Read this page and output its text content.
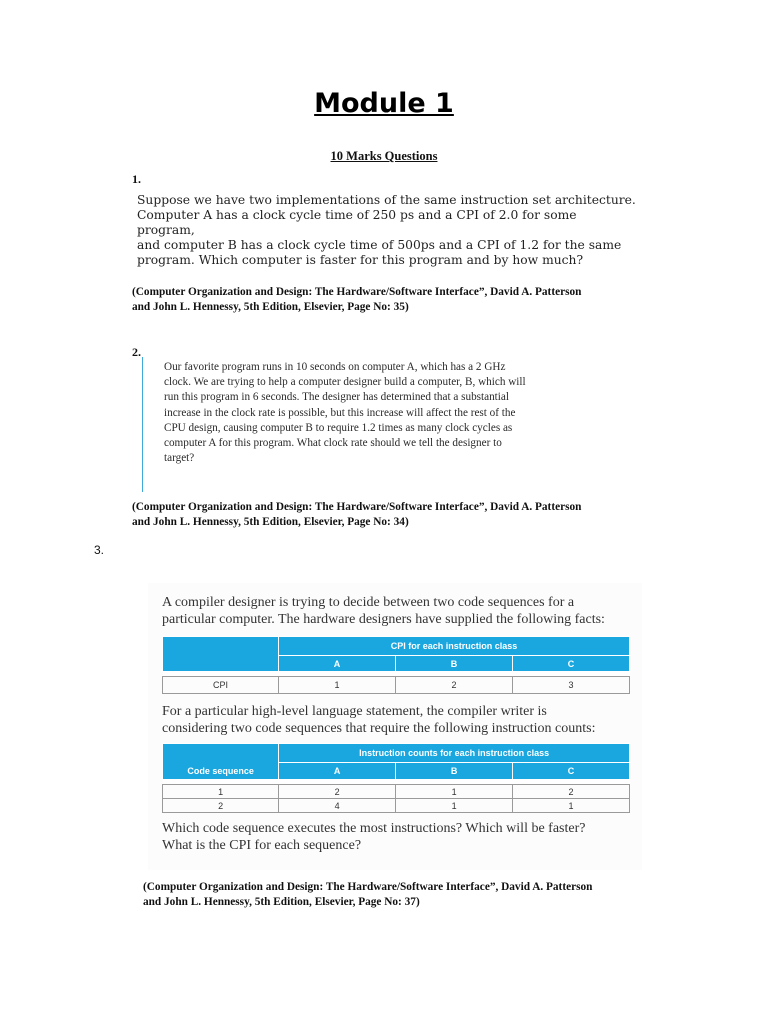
Module 1
10 Marks Questions
1.
Suppose we have two implementations of the same instruction set architecture.
Computer A has a clock cycle time of 250 ps and a CPI of 2.0 for some program,
and computer B has a clock cycle time of 500ps and a CPI of 1.2 for the same
program. Which computer is faster for this program and by how much?
(Computer Organization and Design: The Hardware/Software Interface”, David A. Patterson
and John L. Hennessy, 5th Edition, Elsevier, Page No: 35)
2.
Our favorite program runs in 10 seconds on computer A, which has a 2 GHz
clock. We are trying to help a computer designer build a computer, B, which will
run this program in 6 seconds. The designer has determined that a substantial
increase in the clock rate is possible, but this increase will affect the rest of the
CPU design, causing computer B to require 1.2 times as many clock cycles as
computer A for this program. What clock rate should we tell the designer to
target?
(Computer Organization and Design: The Hardware/Software Interface”, David A. Patterson
and John L. Hennessy, 5th Edition, Elsevier, Page No: 34)
3.
A compiler designer is trying to decide between two code sequences for a
particular computer. The hardware designers have supplied the following facts:
	CPI for each instruction class		
	A	B	C

CPI	1	2	3
For a particular high-level language statement, the compiler writer is
considering two code sequences that require the following instruction counts:
Code sequence	Instruction counts for each instruction class		
	A	B	C

1	2	1	2
2	4	1	1
Which code sequence executes the most instructions? Which will be faster?
What is the CPI for each sequence?
(Computer Organization and Design: The Hardware/Software Interface”, David A. Patterson
and John L. Hennessy, 5th Edition, Elsevier, Page No: 37)
